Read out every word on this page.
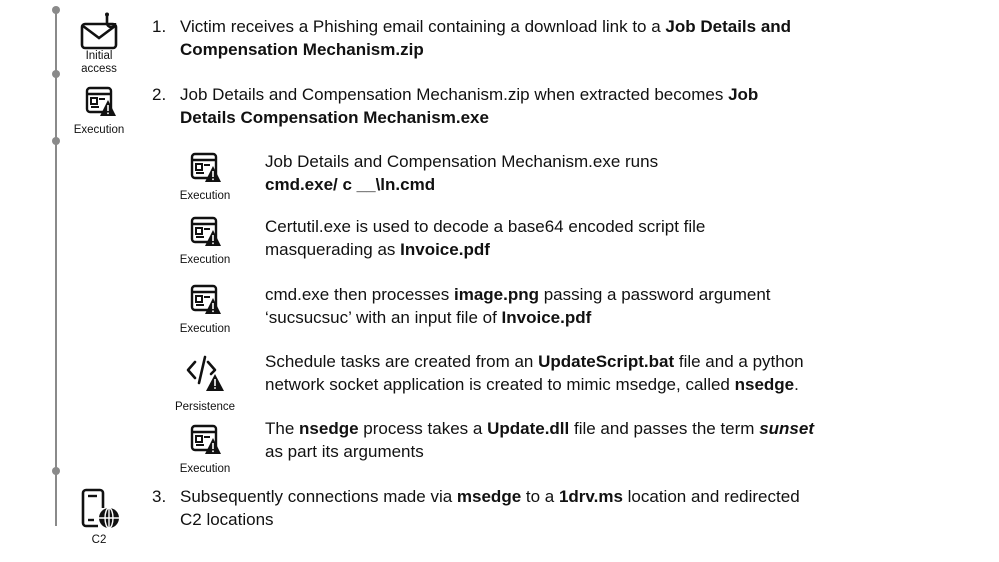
Initial
access
Execution
1. Victim receives a Phishing email containing a download link to a Job Details and
Compensation Mechanism.zip
2. Job Details and Compensation Mechanism.zip when extracted becomes Job
Details Compensation Mechanism.exe
Execution
Execution
Execution
Persistence
Execution
Job Details and Compensation Mechanism.exe runs
cmd.exe/ c __\ln.cmd
Certutil.exe is used to decode a base64 encoded script file
masquerading as Invoice.pdf
cmd.exe then processes image.png passing a password argument
‘sucsucsuc’ with an input file of Invoice.pdf
Schedule tasks are created from an UpdateScript.bat file and a python
network socket application is created to mimic msedge, called nsedge.
The nsedge process takes a Update.dll file and passes the term sunset
as part its arguments
C2
3. Subsequently connections made via msedge to a 1drv.ms location and redirected
C2 locations
